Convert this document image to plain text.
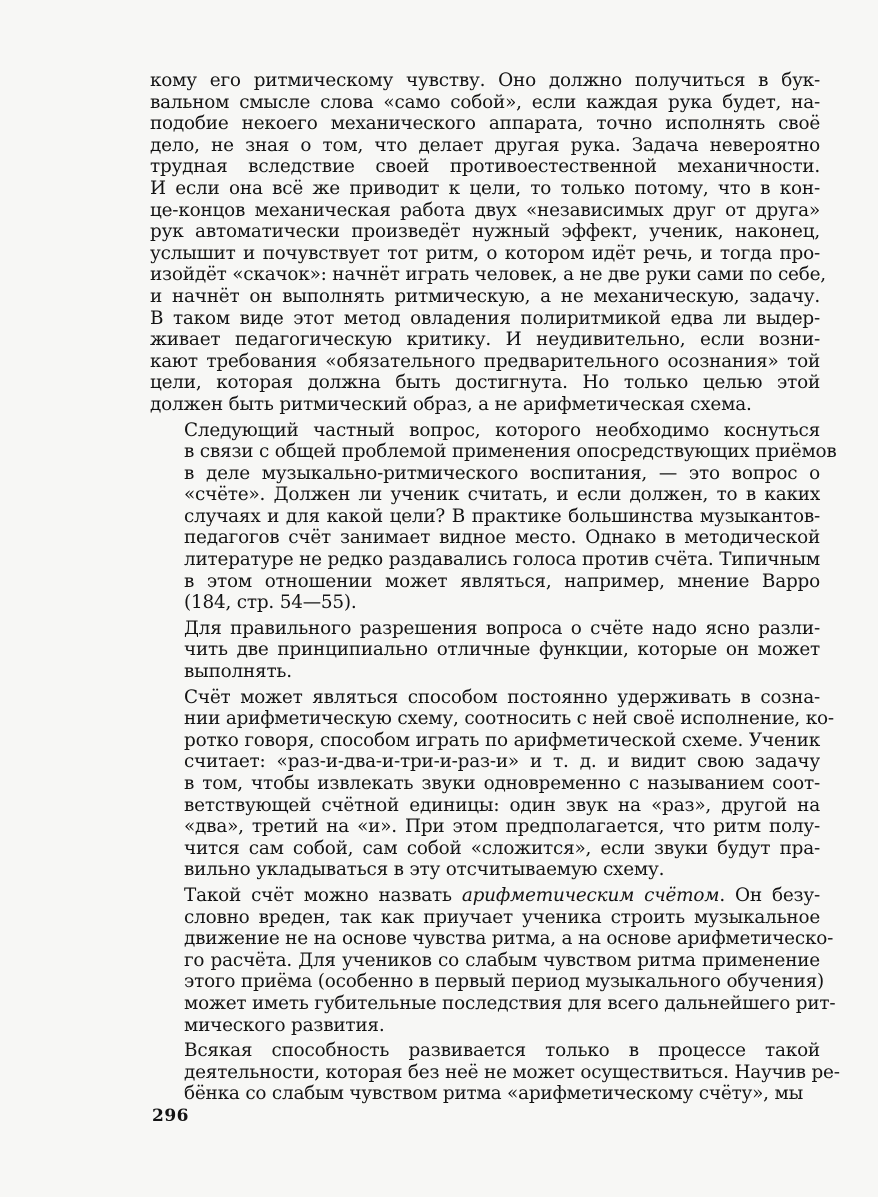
кому его ритмическому чувству. Оно должно получиться в бук-
вальном смысле слова «само собой», если каждая рука будет, на-
подобие некоего механического аппарата, точно исполнять своё
дело, не зная о том, что делает другая рука. Задача невероятно
трудная вследствие своей противоестественной механичности.
И если она всё же приводит к цели, то только потому, что в кон-
це-концов механическая работа двух «независимых друг от друга»
рук автоматически произведёт нужный эффект, ученик, наконец,
услышит и почувствует тот ритм, о котором идёт речь, и тогда про-
изойдёт «скачок»: начнёт играть человек, а не две руки сами по себе,
и начнёт он выполнять ритмическую, а не механическую, задачу.
В таком виде этот метод овладения полиритмикой едва ли выдер-
живает педагогическую критику. И неудивительно, если возни-
кают требования «обязательного предварительного осознания» той
цели, которая должна быть достигнута. Но только целью этой
должен быть ритмический образ, а не арифметическая схема.

Следующий частный вопрос, которого необходимо коснуться
в связи с общей проблемой применения опосредствующих приёмов
в деле музыкально-ритмического воспитания, — это вопрос о
«счёте». Должен ли ученик считать, и если должен, то в каких
случаях и для какой цели? В практике большинства музыкантов-
педагогов счёт занимает видное место. Однако в методической
литературе не редко раздавались голоса против счёта. Типичным
в этом отношении может являться, например, мнение Варро
(184, стр. 54—55).

Для правильного разрешения вопроса о счёте надо ясно разли-
чить две принципиально отличные функции, которые он может
выполнять.

Счёт может являться способом постоянно удерживать в созна-
нии арифметическую схему, соотносить с ней своё исполнение, ко-
ротко говоря, способом играть по арифметической схеме. Ученик
считает: «раз-и-два-и-три-и-раз-и» и т. д. и видит свою задачу
в том, чтобы извлекать звуки одновременно с называнием соот-
ветствующей счётной единицы: один звук на «раз», другой на
«два», третий на «и». При этом предполагается, что ритм полу-
чится сам собой, сам собой «сложится», если звуки будут пра-
вильно укладываться в эту отсчитываемую схему.

Такой счёт можно назвать арифметическим счётом. Он безу-
словно вреден, так как приучает ученика строить музыкальное
движение не на основе чувства ритма, а на основе арифметическо-
го расчёта. Для учеников со слабым чувством ритма применение
этого приёма (особенно в первый период музыкального обучения)
может иметь губительные последствия для всего дальнейшего рит-
мического развития.

Всякая способность развивается только в процессе такой
деятельности, которая без неё не может осуществиться. Научив ре-
бёнка со слабым чувством ритма «арифметическому счёту», мы

296
